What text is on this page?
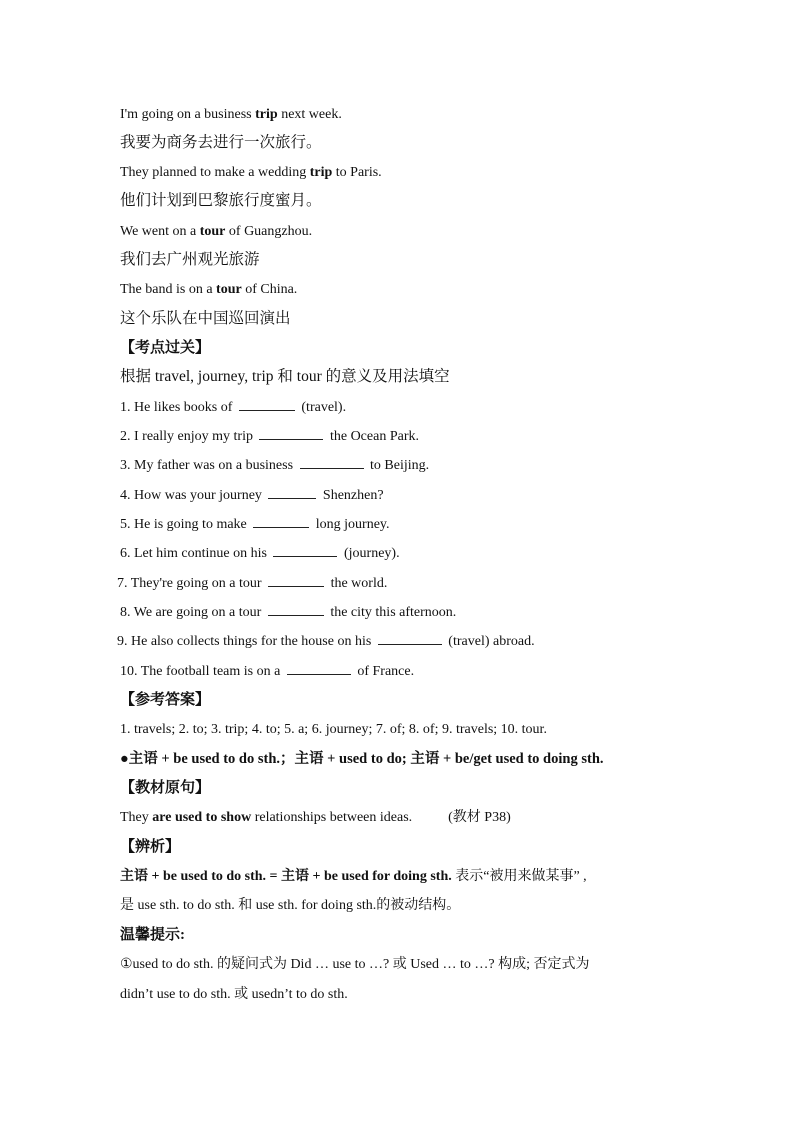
I'm going on a business trip next week.
我要为商务去进行一次旅行。
They planned to make a wedding trip to Paris.
他们计划到巴黎旅行度蜜月。
We went on a tour of Guangzhou.
我们去广州观光旅游
The band is on a tour of China.
这个乐队在中国巡回演出
【考点过关】
根据 travel, journey, trip 和 tour 的意义及用法填空
1. He likes books of	(travel).
2. I really enjoy my trip	the Ocean Park.
3. My father was on a business	to Beijing.
4. How was your journey	Shenzhen?
5. He is going to make	long journey.
6. Let him continue on his	(journey).
7. They're going on a tour	the world.
8. We are going on a tour	the city this afternoon.
9. He also collects things for the house on his	(travel) abroad.
10. The football team is on a	of France.
【参考答案】
1. travels; 2. to; 3. trip; 4. to; 5. a; 6. journey; 7. of; 8. of; 9. travels; 10. tour.
●主语 + be used to do sth.；主语 + used to do; 主语 + be/get used to doing sth.
【教材原句】
They are used to show relationships between ideas.	(教材 P38)
【辨析】
主语 + be used to do sth. = 主语 + be used for doing sth. 表示“被用来做某事” ,
是 use sth. to do sth. 和 use sth. for doing sth.的被动结构。
温馨提示:
①used to do sth. 的疑问式为 Did … use to …? 或 Used … to …? 构成; 否定式为
didn’t use to do sth. 或 usedn’t to do sth.
